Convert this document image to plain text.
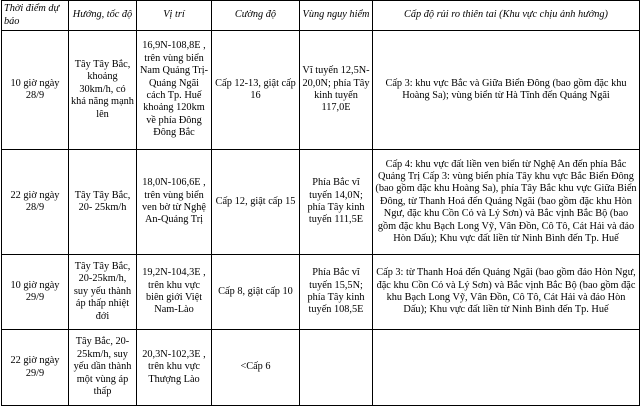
Thời điểm dự báo	Hướng, tốc độ	Vị trí	Cường độ	Vùng nguy hiểm	Cấp độ rủi ro thiên tai (Khu vực chịu ảnh hưởng)
10 giờ ngày 28/9	Tây Tây Bắc, khoảng 30km/h, có khả năng mạnh lên	16,9N-108,8E , trên vùng biển Nam Quảng Trị-Quảng Ngãi cách Tp. Huế khoảng 120km về phía Đông Đông Bắc	Cấp 12-13, giật cấp 16	Vĩ tuyến 12,5N-20,0N; phía Tây kinh tuyến 117,0E	Cấp 3: khu vực Bắc và Giữa Biển Đông (bao gồm đặc khu Hoàng Sa); vùng biển từ Hà Tĩnh đến Quảng Ngãi
22 giờ ngày 28/9	Tây Tây Bắc, 20- 25km/h	18,0N-106,6E , trên vùng biển ven bờ từ Nghệ An-Quảng Trị	Cấp 12, giật cấp 15	Phía Bắc vĩ tuyến 14,0N; phía Tây kinh tuyến 111,5E	Cấp 4: khu vực đất liền ven biển từ Nghệ An đến phía Bắc Quảng Trị Cấp 3: vùng biển phía Tây khu vực Bắc Biển Đông (bao gồm đặc khu Hoàng Sa), phía Tây Bắc khu vực Giữa Biển Đông, từ Thanh Hoá đến Quảng Ngãi (bao gồm đặc khu Hòn Ngư, đặc khu Cồn Cỏ và Lý Sơn) và Bắc vịnh Bắc Bộ (bao gồm đặc khu Bạch Long Vỹ, Vân Đồn, Cô Tô, Cát Hải và đảo Hòn Dấu); Khu vực đất liền từ Ninh Bình đến Tp. Huế
10 giờ ngày 29/9	Tây Tây Bắc, 20-25km/h, suy yếu thành áp thấp nhiệt đới	19,2N-104,3E , trên khu vực biên giới Việt Nam-Lào	Cấp 8, giật cấp 10	Phía Bắc vĩ tuyến 15,5N; phía Tây kinh tuyến 108,5E	Cấp 3: từ Thanh Hoá đến Quảng Ngãi (bao gồm đảo Hòn Ngư, đặc khu Cồn Cỏ và Lý Sơn) và Bắc vịnh Bắc Bộ (bao gồm đặc khu Bạch Long Vỹ, Vân Đồn, Cô Tô, Cát Hải và đảo Hòn Dấu); Khu vực đất liền từ Ninh Bình đến Tp. Huế
22 giờ ngày 29/9	Tây Bắc, 20-25km/h, suy yếu dần thành một vùng áp thấp	20,3N-102,3E , trên khu vực Thượng Lào	<Cấp 6		
